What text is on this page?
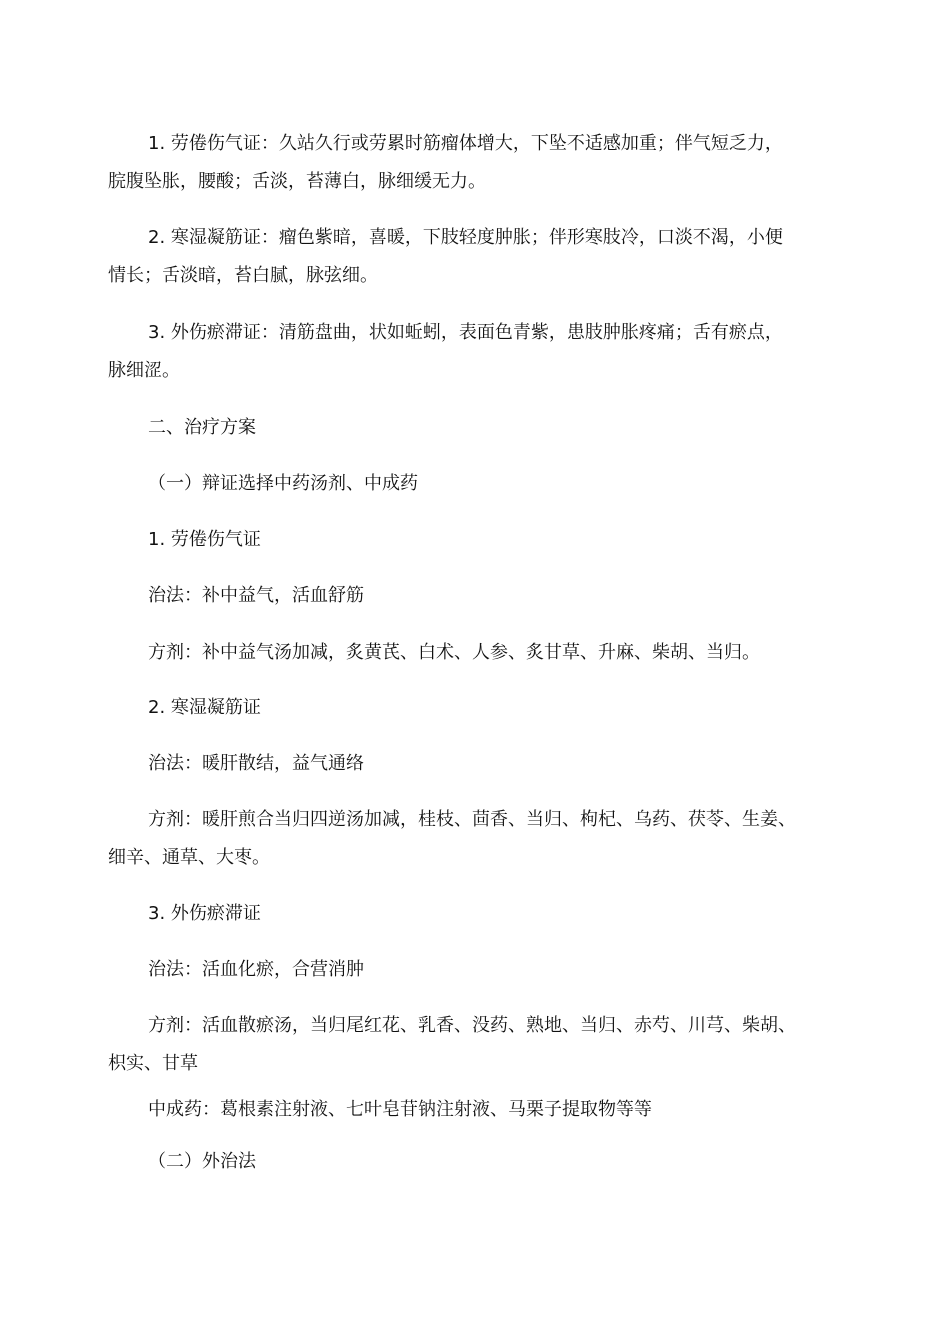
1. 劳倦伤气证：久站久行或劳累时筋瘤体增大，下坠不适感加重；伴气短乏力，
脘腹坠胀，腰酸；舌淡，苔薄白，脉细缓无力。

2. 寒湿凝筋证：瘤色紫暗，喜暖，下肢轻度肿胀；伴形寒肢冷，口淡不渴，小便
情长；舌淡暗，苔白腻，脉弦细。

3. 外伤瘀滞证：清筋盘曲，状如蚯蚓，表面色青紫，患肢肿胀疼痛；舌有瘀点，
脉细涩。

二、治疗方案

（一）辩证选择中药汤剂、中成药

1. 劳倦伤气证

治法：补中益气，活血舒筋

方剂：补中益气汤加减，炙黄芪、白术、人参、炙甘草、升麻、柴胡、当归。

2. 寒湿凝筋证

治法：暖肝散结，益气通络

方剂：暖肝煎合当归四逆汤加减，桂枝、茴香、当归、枸杞、乌药、茯苓、生姜、
细辛、通草、大枣。

3. 外伤瘀滞证

治法：活血化瘀，合营消肿

方剂：活血散瘀汤，当归尾红花、乳香、没药、熟地、当归、赤芍、川芎、柴胡、
枳实、甘草

中成药：葛根素注射液、七叶皂苷钠注射液、马栗子提取物等等

（二）外治法
